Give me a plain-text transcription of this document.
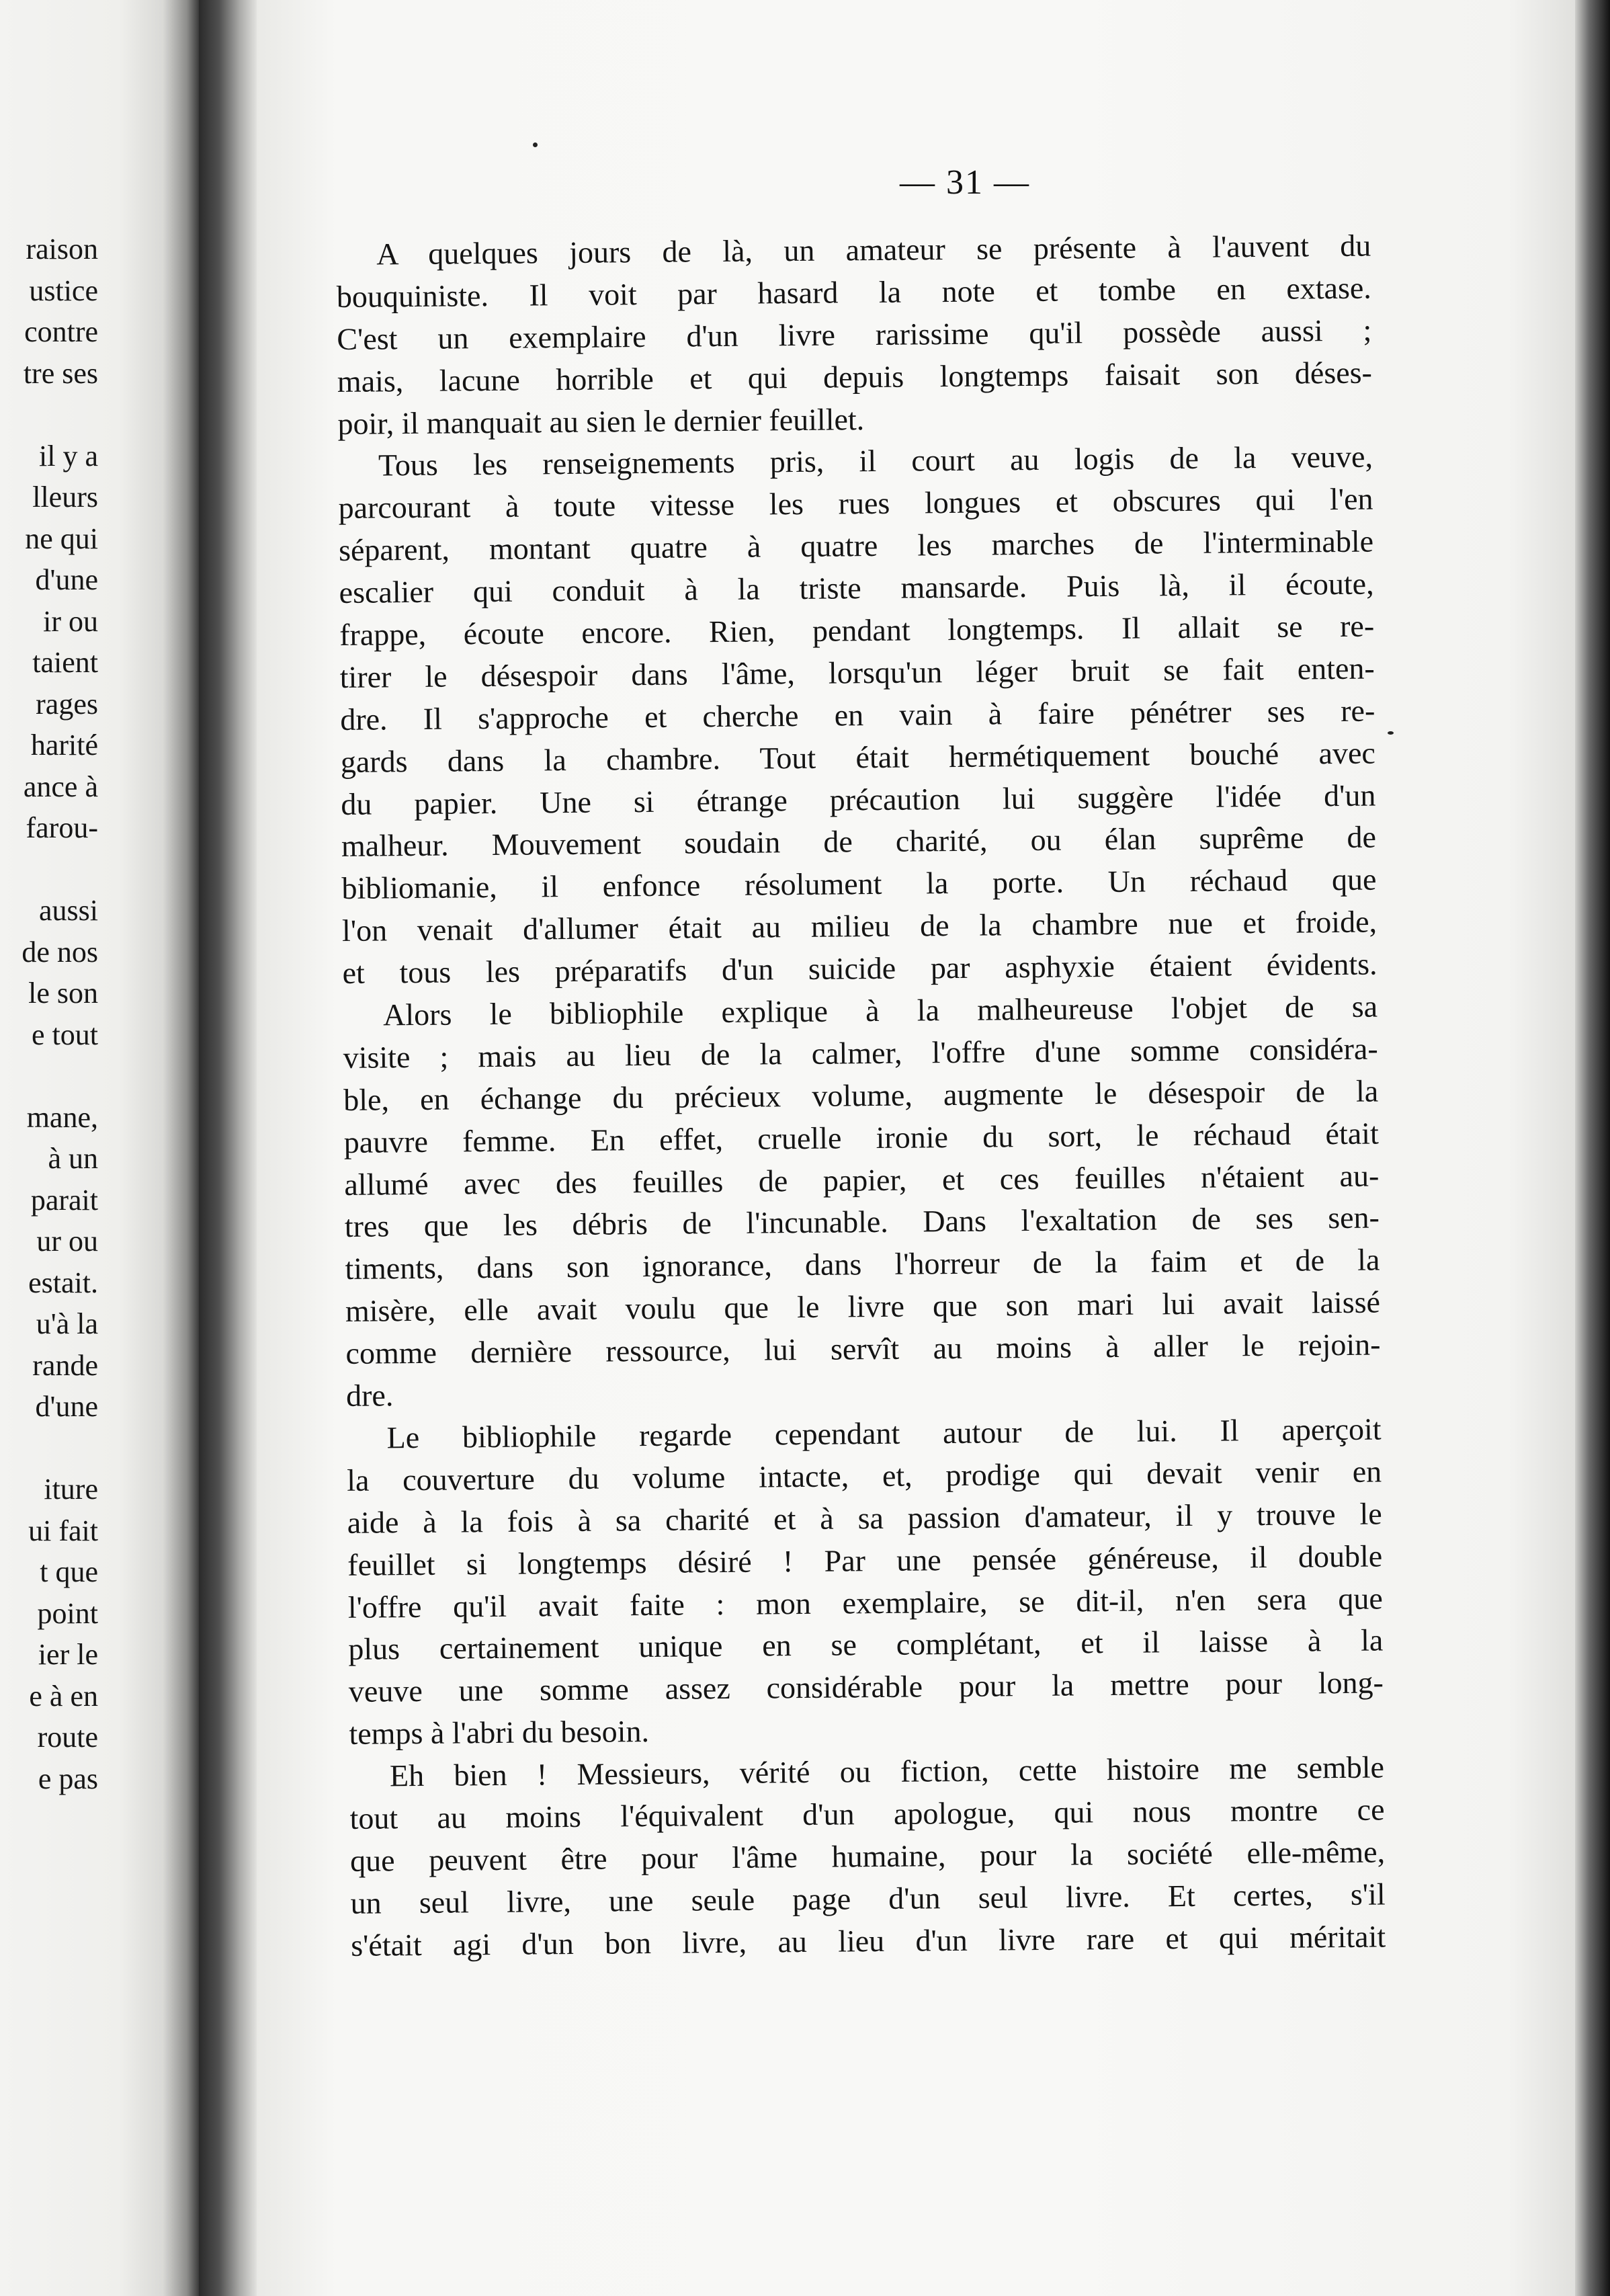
raison
ustice
contre
tre ses
il y a
lleurs
ne qui
d'une
ir ou
taient
rages
harité
ance à
farou-
aussi
de nos
le son
e tout
mane,
à un
parait
ur ou
estait.
u'à la
rande
d'une
iture
ui fait
t que
point
ier le
e à en
route
e pas
— 31 —
A quelques jours de là, un amateur se présente à l'auvent du
bouquiniste. Il voit par hasard la note et tombe en extase.
C'est un exemplaire d'un livre rarissime qu'il possède aussi ;
mais, lacune horrible et qui depuis longtemps faisait son déses-
poir, il manquait au sien le dernier feuillet.
Tous les renseignements pris, il court au logis de la veuve,
parcourant à toute vitesse les rues longues et obscures qui l'en
séparent, montant quatre à quatre les marches de l'interminable
escalier qui conduit à la triste mansarde. Puis là, il écoute,
frappe, écoute encore. Rien, pendant longtemps. Il allait se re-
tirer le désespoir dans l'âme, lorsqu'un léger bruit se fait enten-
dre. Il s'approche et cherche en vain à faire pénétrer ses re-
gards dans la chambre. Tout était hermétiquement bouché avec
du papier. Une si étrange précaution lui suggère l'idée d'un
malheur. Mouvement soudain de charité, ou élan suprême de
bibliomanie, il enfonce résolument la porte. Un réchaud que
l'on venait d'allumer était au milieu de la chambre nue et froide,
et tous les préparatifs d'un suicide par asphyxie étaient évidents.
Alors le bibliophile explique à la malheureuse l'objet de sa
visite ; mais au lieu de la calmer, l'offre d'une somme considéra-
ble, en échange du précieux volume, augmente le désespoir de la
pauvre femme. En effet, cruelle ironie du sort, le réchaud était
allumé avec des feuilles de papier, et ces feuilles n'étaient au-
tres que les débris de l'incunable. Dans l'exaltation de ses sen-
timents, dans son ignorance, dans l'horreur de la faim et de la
misère, elle avait voulu que le livre que son mari lui avait laissé
comme dernière ressource, lui servît au moins à aller le rejoin-
dre.
Le bibliophile regarde cependant autour de lui. Il aperçoit
la couverture du volume intacte, et, prodige qui devait venir en
aide à la fois à sa charité et à sa passion d'amateur, il y trouve le
feuillet si longtemps désiré ! Par une pensée généreuse, il double
l'offre qu'il avait faite : mon exemplaire, se dit-il, n'en sera que
plus certainement unique en se complétant, et il laisse à la
veuve une somme assez considérable pour la mettre pour long-
temps à l'abri du besoin.
Eh bien ! Messieurs, vérité ou fiction, cette histoire me semble
tout au moins l'équivalent d'un apologue, qui nous montre ce
que peuvent être pour l'âme humaine, pour la société elle-même,
un seul livre, une seule page d'un seul livre. Et certes, s'il
s'était agi d'un bon livre, au lieu d'un livre rare et qui méritait
